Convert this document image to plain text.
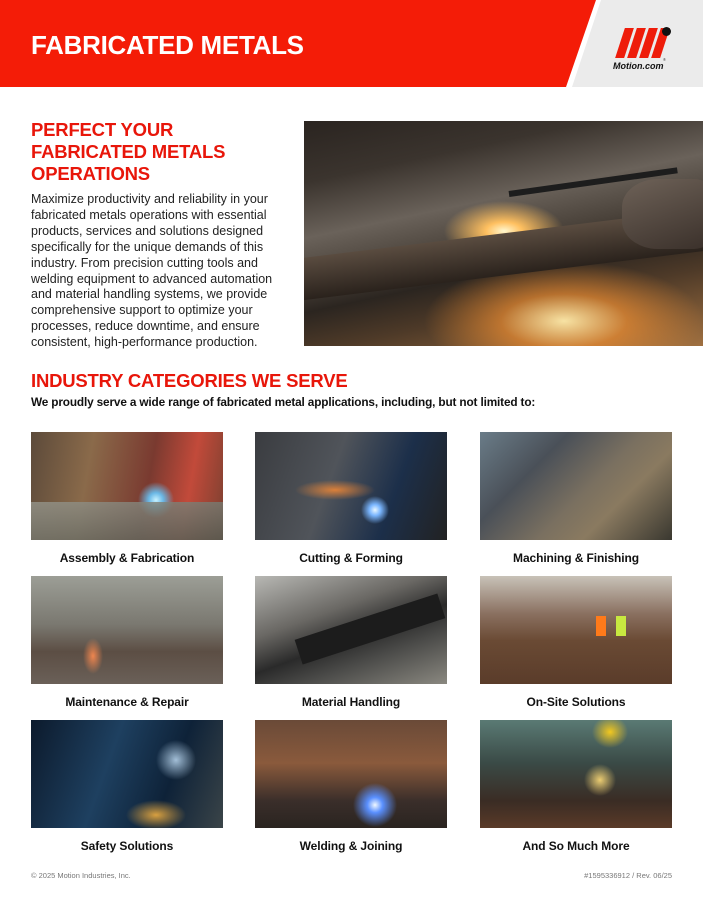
FABRICATED METALS	®
Motion.com
PERFECT YOUR FABRICATED METALS OPERATIONS
Maximize productivity and reliability in your fabricated metals operations with essential products, services and solutions designed specifically for the unique demands of this industry. From precision cutting tools and welding equipment to advanced automation and material handling systems, we provide comprehensive support to optimize your processes, reduce downtime, and ensure consistent, high-performance production.
INDUSTRY CATEGORIES WE SERVE
We proudly serve a wide range of fabricated metal applications, including, but not limited to:
Assembly & Fabrication	Cutting & Forming	Machining & Finishing
Maintenance & Repair	Material Handling	On-Site Solutions
Safety Solutions	Welding & Joining	And So Much More
© 2025 Motion Industries, Inc.	#1595336912 / Rev. 06/25
